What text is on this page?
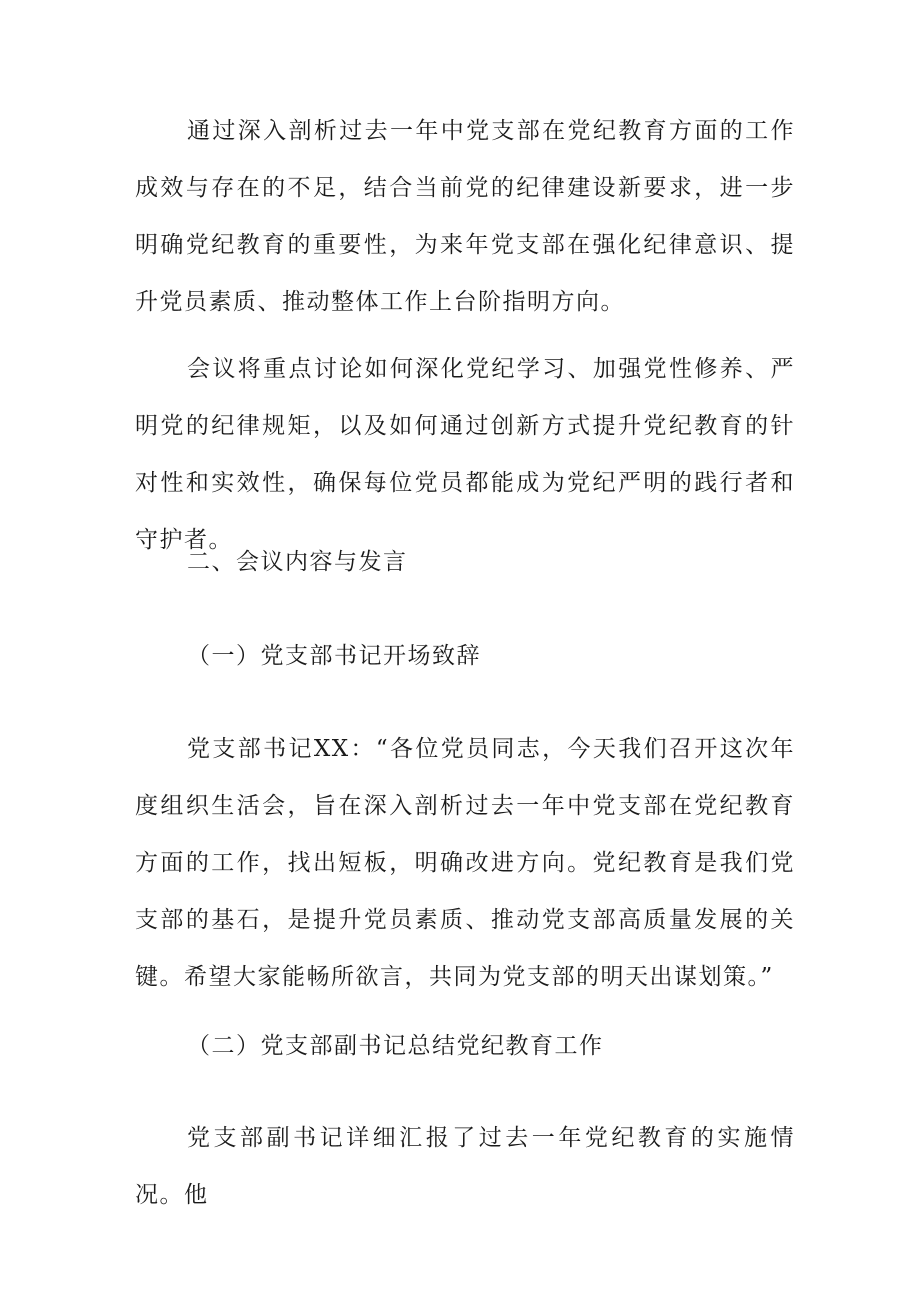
通过深入剖析过去一年中党支部在党纪教育方面的工作成效与存在的不足，结合当前党的纪律建设新要求，进一步明确党纪教育的重要性，为来年党支部在强化纪律意识、提升党员素质、推动整体工作上台阶指明方向。

会议将重点讨论如何深化党纪学习、加强党性修养、严明党的纪律规矩，以及如何通过创新方式提升党纪教育的针对性和实效性，确保每位党员都能成为党纪严明的践行者和守护者。

二、会议内容与发言
（一）党支部书记开场致辞

党支部书记XX：“各位党员同志，今天我们召开这次年度组织生活会，旨在深入剖析过去一年中党支部在党纪教育方面的工作，找出短板，明确改进方向。党纪教育是我们党支部的基石，是提升党员素质、推动党支部高质量发展的关键。希望大家能畅所欲言，共同为党支部的明天出谋划策。”

（二）党支部副书记总结党纪教育工作

党支部副书记详细汇报了过去一年党纪教育的实施情况。他
